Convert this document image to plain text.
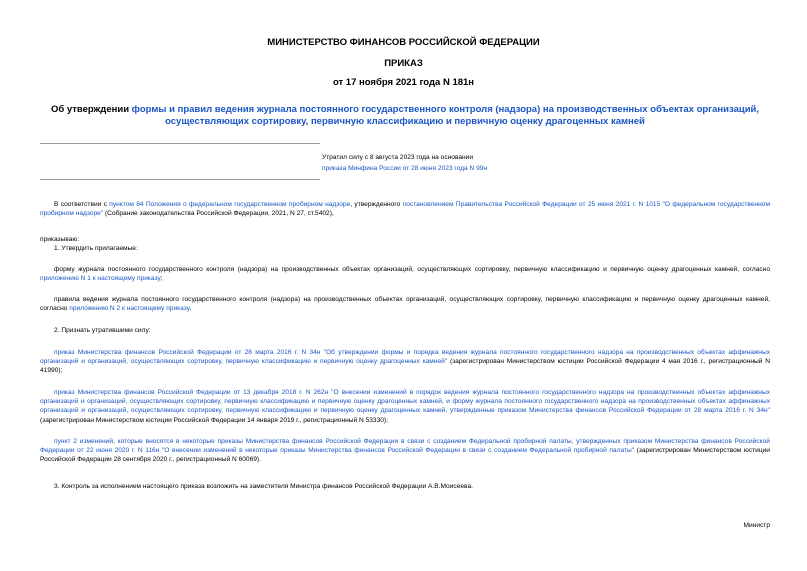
МИНИСТЕРСТВО ФИНАНСОВ РОССИЙСКОЙ ФЕДЕРАЦИИ
ПРИКАЗ
от 17 ноября 2021 года N 181н
Об утверждении формы и правил ведения журнала постоянного государственного контроля (надзора) на производственных объектах организаций, осуществляющих сортировку, первичную классификацию и первичную оценку драгоценных камней
Утратил силу с 8 августа 2023 года на основании
приказа Минфина России от 28 июня 2023 года N 99н
В соответствии с пунктом 84 Положения о федеральном государственном пробирном надзоре, утвержденного постановлением Правительства Российской Федерации от 25 июня 2021 г. N 1015 "О федеральном государственном пробирном надзоре" (Собрание законодательства Российской Федерации, 2021, N 27, ст.5402),
приказываю:
1. Утвердить прилагаемые:
форму журнала постоянного государственного контроля (надзора) на производственных объектах организаций, осуществляющих сортировку, первичную классификацию и первичную оценку драгоценных камней, согласно приложению N 1 к настоящему приказу;
правила ведения журнала постоянного государственного контроля (надзора) на производственных объектах организаций, осуществляющих сортировку, первичную классификацию и первичную оценку драгоценных камней, согласно приложению N 2 к настоящему приказу.
2. Признать утратившими силу:
приказ Министерства финансов Российской Федерации от 28 марта 2016 г. N 34н "Об утверждении формы и порядка ведения журнала постоянного государственного надзора на производственных объектах аффинажных организаций и организаций, осуществляющих сортировку, первичную классификацию и первичную оценку драгоценных камней" (зарегистрирован Министерством юстиции Российской Федерации 4 мая 2016 г., регистрационный N 41990);
приказ Министерства финансов Российской Федерации от 13 декабря 2018 г. N 262н "О внесении изменений в порядок ведения журнала постоянного государственного надзора на производственных объектах аффинажных организаций и организаций, осуществляющих сортировку, первичную классификацию и первичную оценку драгоценных камней, и форму журнала постоянного государственного надзора на производственных объектах аффинажных организаций и организаций, осуществляющих сортировку, первичную классификацию и первичную оценку драгоценных камней, утвержденные приказом Министерства финансов Российской Федерации от 28 марта 2016 г. N 34н" (зарегистрирован Министерством юстиции Российской Федерации 14 января 2019 г., регистрационный N 53330);
пункт 2 изменений, которые вносятся в некоторые приказы Министерства финансов Российской Федерации в связи с созданием Федеральной пробирной палаты, утвержденных приказом Министерства финансов Российской Федерации от 22 июня 2020 г. N 116н "О внесении изменений в некоторые приказы Министерства финансов Российской Федерации в связи с созданием Федеральной пробирной палаты" (зарегистрирован Министерством юстиции Российской Федерации 28 сентября 2020 г., регистрационный N 60069).
3. Контроль за исполнением настоящего приказа возложить на заместителя Министра финансов Российской Федерации А.В.Моисеева.
Министр
